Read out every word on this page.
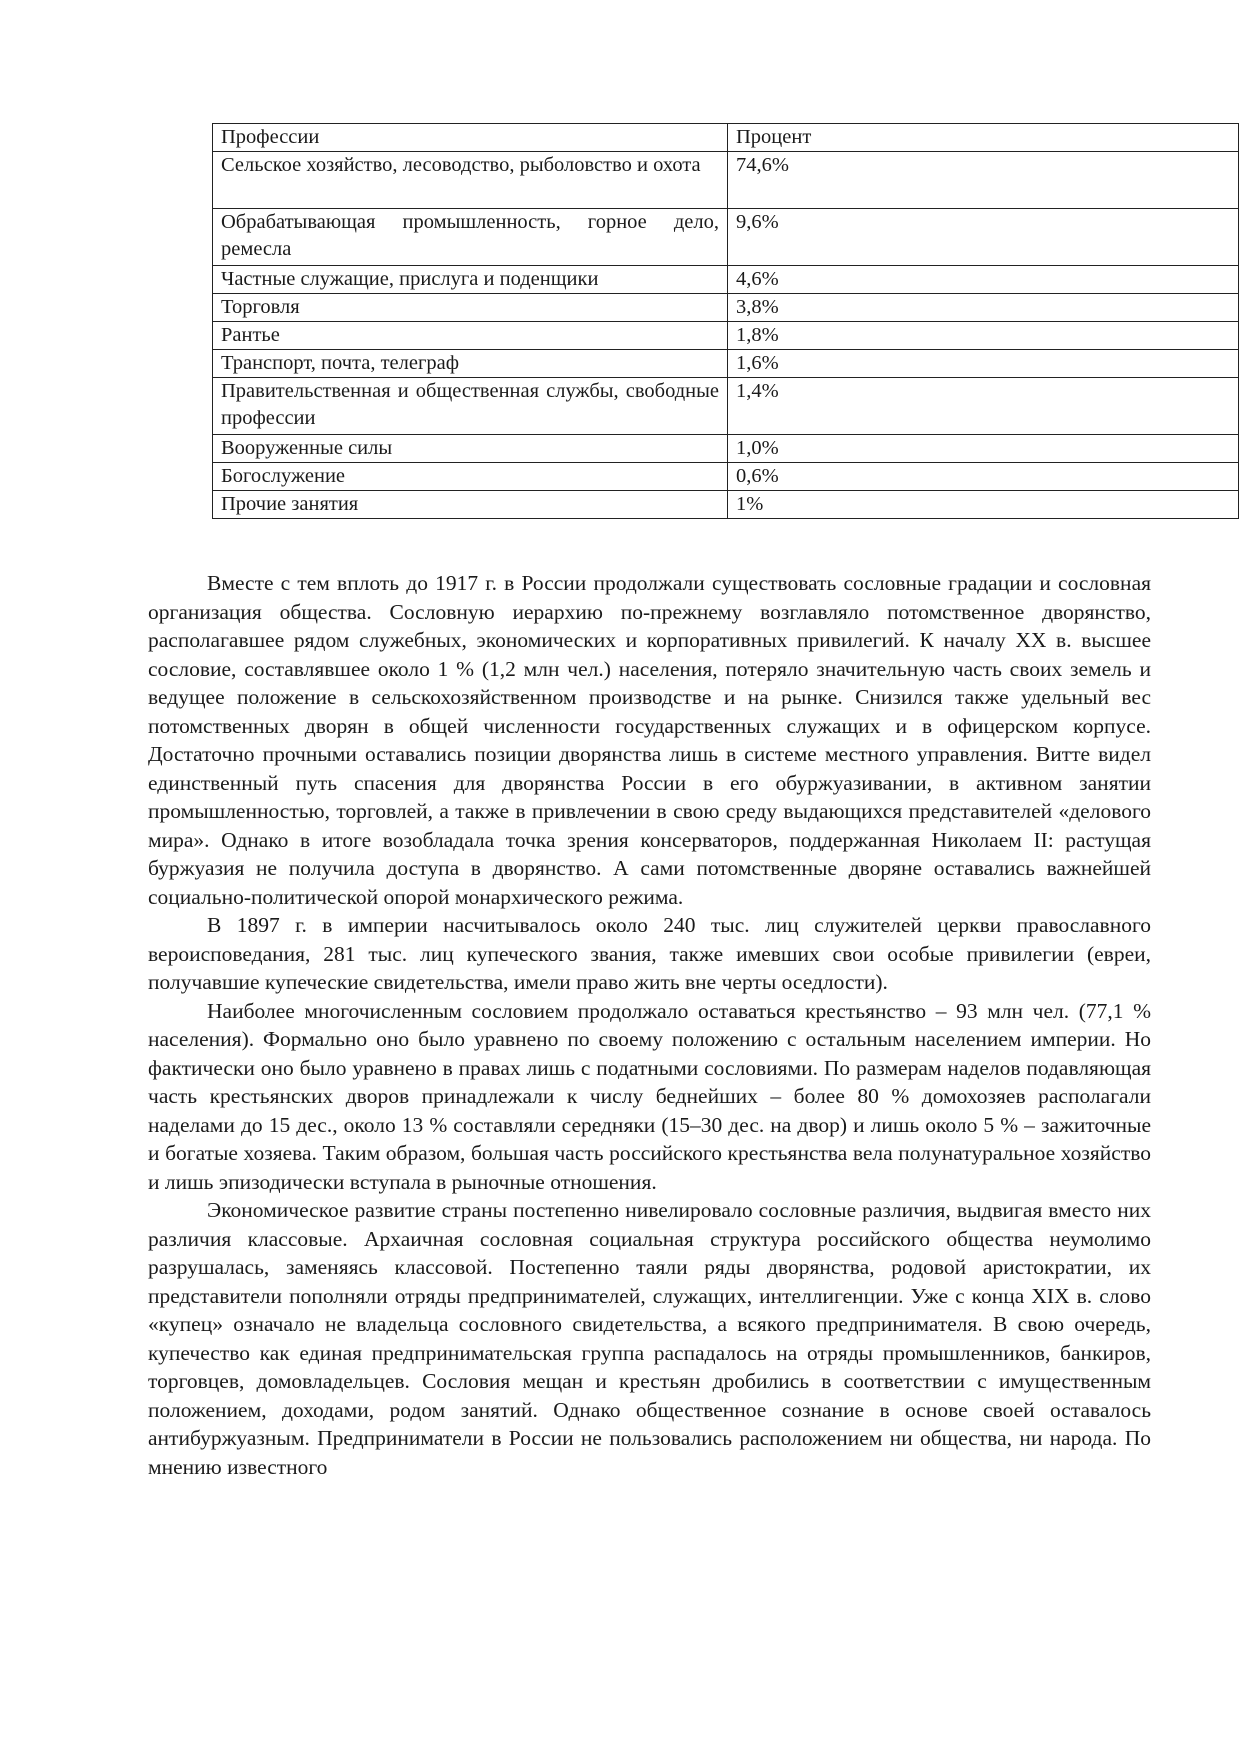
Профессии	Процент
Сельское хозяйство, лесоводство, рыболовство и охота	74,6%
Обрабатывающая промышленность, горное дело, ремесла	9,6%
Частные служащие, прислуга и поденщики	4,6%
Торговля	3,8%
Рантье	1,8%
Транспорт, почта, телеграф	1,6%
Правительственная и общественная службы, свободные профессии	1,4%
Вооруженные силы	1,0%
Богослужение	0,6%
Прочие занятия	1%

Вместе с тем вплоть до 1917 г. в России продолжали существовать сословные градации и сословная организация общества. Сословную иерархию по-прежнему возглавляло потомственное дворянство, располагавшее рядом служебных, экономических и корпоративных привилегий. К началу XX в. высшее сословие, составлявшее около 1 % (1,2 млн чел.) населения, потеряло значительную часть своих земель и ведущее положение в сельскохозяйственном производстве и на рынке. Снизился также удельный вес потомственных дворян в общей численности государственных служащих и в офицерском корпусе. Достаточно прочными оставались позиции дворянства лишь в системе местного управления. Витте видел единственный путь спасения для дворянства России в его обуржуазивании, в активном занятии промышленностью, торговлей, а также в привлечении в свою среду выдающихся представителей «делового мира». Однако в итоге возобладала точка зрения консерваторов, поддержанная Николаем II: растущая буржуазия не получила доступа в дворянство. А сами потомственные дворяне оставались важнейшей социально-политической опорой монархического режима.

В 1897 г. в империи насчитывалось около 240 тыс. лиц служителей церкви православного вероисповедания, 281 тыс. лиц купеческого звания, также имевших свои особые привилегии (евреи, получавшие купеческие свидетельства, имели право жить вне черты оседлости).

Наиболее многочисленным сословием продолжало оставаться крестьянство – 93 млн чел. (77,1 % населения). Формально оно было уравнено по своему положению с остальным населением империи. Но фактически оно было уравнено в правах лишь с податными сословиями. По размерам наделов подавляющая часть крестьянских дворов принадлежали к числу беднейших – более 80 % домохозяев располагали наделами до 15 дес., около 13 % составляли середняки (15–30 дес. на двор) и лишь около 5 % – зажиточные и богатые хозяева. Таким образом, большая часть российского крестьянства вела полунатуральное хозяйство и лишь эпизодически вступала в рыночные отношения.

Экономическое развитие страны постепенно нивелировало сословные различия, выдвигая вместо них различия классовые. Архаичная сословная социальная структура российского общества неумолимо разрушалась, заменяясь классовой. Постепенно таяли ряды дворянства, родовой аристократии, их представители пополняли отряды предпринимателей, служащих, интеллигенции. Уже с конца XIX в. слово «купец» означало не владельца сословного свидетельства, а всякого предпринимателя. В свою очередь, купечество как единая предпринимательская группа распадалось на отряды промышленников, банкиров, торговцев, домовладельцев. Сословия мещан и крестьян дробились в соответствии с имущественным положением, доходами, родом занятий. Однако общественное сознание в основе своей оставалось антибуржуазным. Предприниматели в России не пользовались расположением ни общества, ни народа. По мнению известного
